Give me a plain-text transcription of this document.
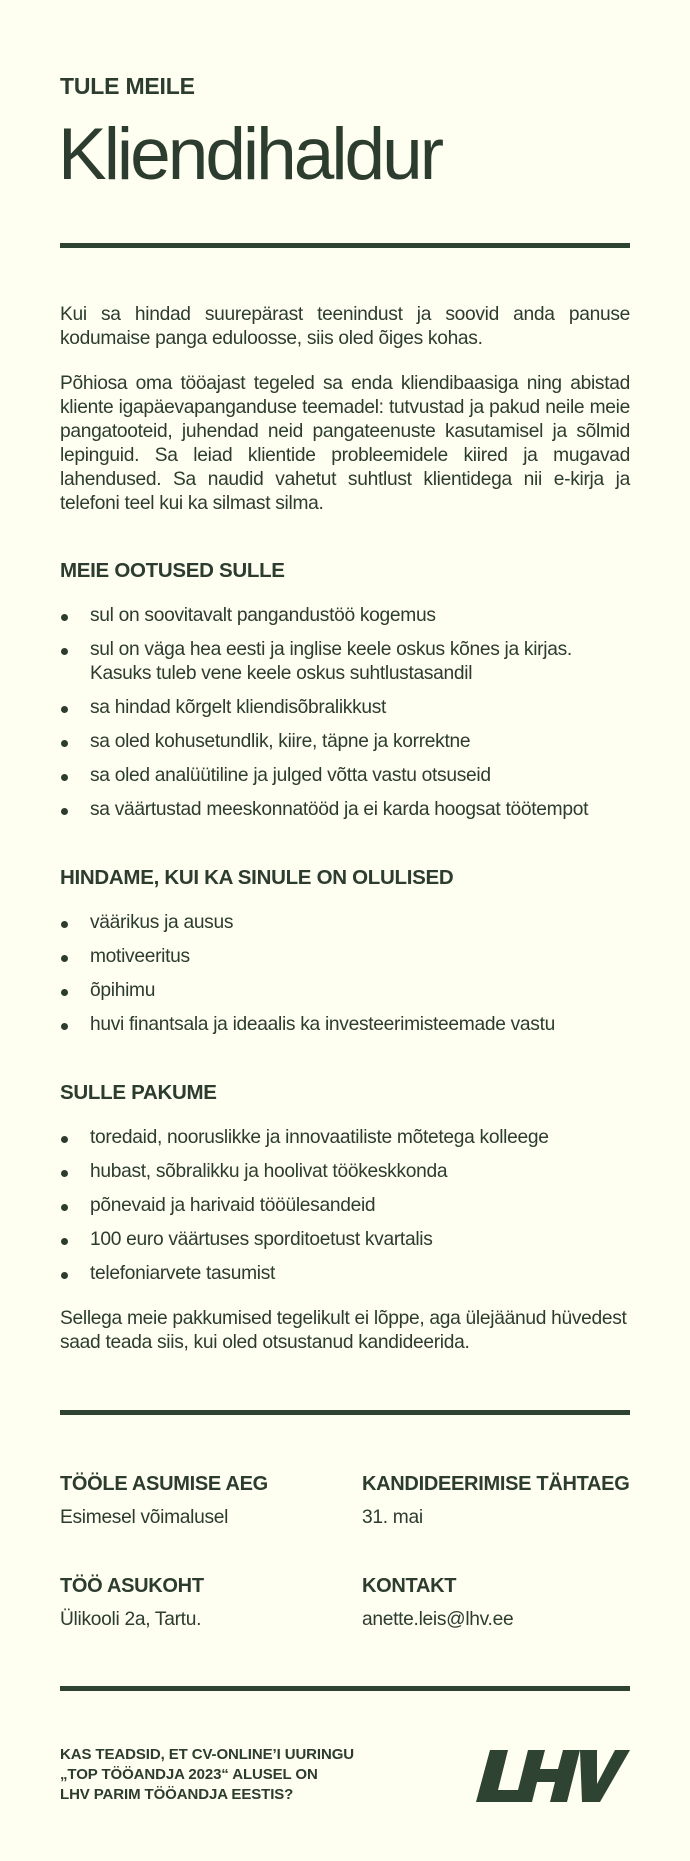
TULE MEILE
Kliendihaldur

Kui sa hindad suurepärast teenindust ja soovid anda panuse kodumaise panga eduloosse, siis oled õiges kohas.

Põhiosa oma tööajast tegeled sa enda kliendibaasiga ning abistad kliente igapäevapanganduse teemadel: tutvustad ja pakud neile meie pangatooteid, juhendad neid pangateenuste kasutamisel ja sõlmid lepinguid. Sa leiad klientide probleemidele kiired ja mugavad lahendused. Sa naudid vahetut suhtlust klientidega nii e-kirja ja telefoni teel kui ka silmast silma.

MEIE OOTUSED SULLE
sul on soovitavalt pangandustöö kogemus
sul on väga hea eesti ja inglise keele oskus kõnes ja kirjas. Kasuks tuleb vene keele oskus suhtlustasandil
sa hindad kõrgelt kliendisõbralikkust
sa oled kohusetundlik, kiire, täpne ja korrektne
sa oled analüütiline ja julged võtta vastu otsuseid
sa väärtustad meeskonnatööd ja ei karda hoogsat töötempot
HINDAME, KUI KA SINULE ON OLULISED
väärikus ja ausus
motiveeritus
õpihimu
huvi finantsala ja ideaalis ka investeerimisteemade vastu
SULLE PAKUME
toredaid, nooruslikke ja innovaatiliste mõtetega kolleege
hubast, sõbralikku ja hoolivat töökeskkonda
põnevaid ja harivaid tööülesandeid
100 euro väärtuses sporditoetust kvartalis
telefoniarvete tasumist

Sellega meie pakkumised tegelikult ei lõppe, aga ülejäänud hüvedest saad teada siis, kui oled otsustanud kandideerida.

TÖÖLE ASUMISE AEG
Esimesel võimalusel
KANDIDEERIMISE TÄHTAEG
31. mai
TÖÖ ASUKOHT
Ülikooli 2a, Tartu.
KONTAKT
anette.leis@lhv.ee
KAS TEADSID, ET CV-ONLINE’I UURINGU
„TOP TÖÖANDJA 2023“ ALUSEL ON
LHV PARIM TÖÖANDJA EESTIS?
